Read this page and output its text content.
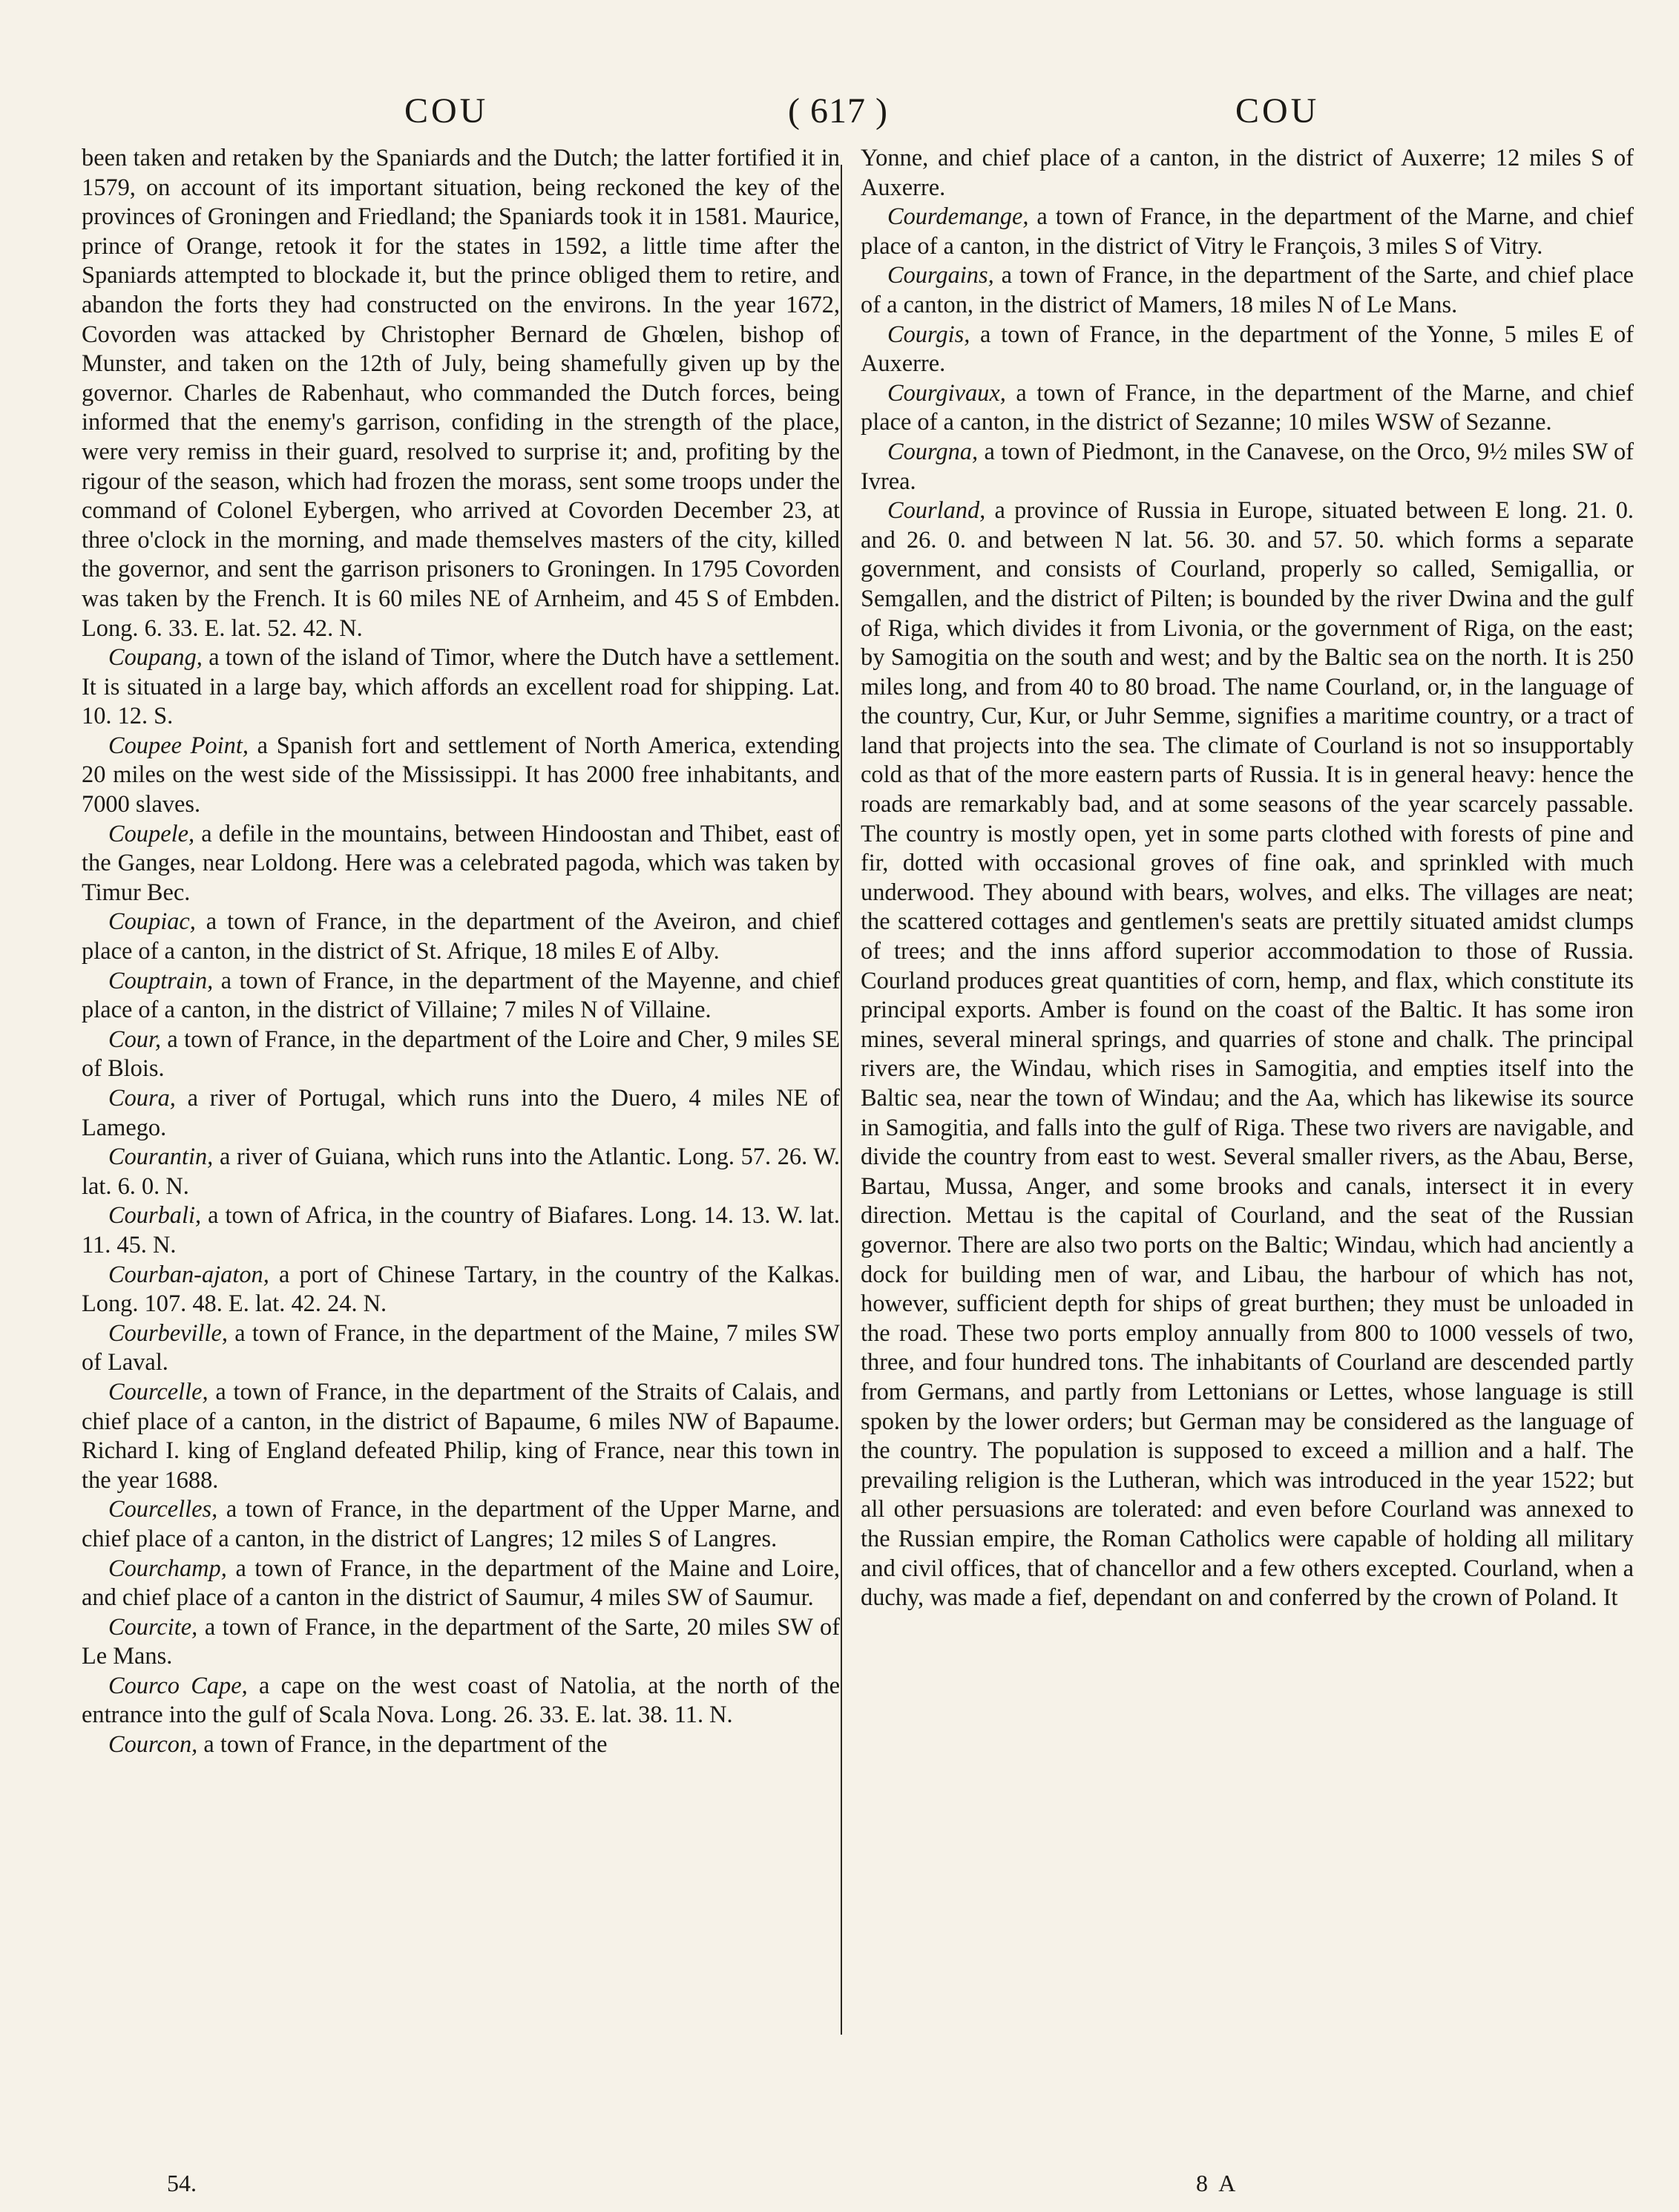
COU	( 617 )	COU

been taken and retaken by the Spaniards and the Dutch; the latter fortified it in 1579, on account of its important situation, being reckoned the key of the provinces of Groningen and Friedland; the Spaniards took it in 1581. Maurice, prince of Orange, retook it for the states in 1592, a little time after the Spaniards attempted to blockade it, but the prince obliged them to retire, and abandon the forts they had constructed on the environs. In the year 1672, Covorden was attacked by Christopher Bernard de Ghœlen, bishop of Munster, and taken on the 12th of July, being shamefully given up by the governor. Charles de Rabenhaut, who commanded the Dutch forces, being informed that the enemy's garrison, confiding in the strength of the place, were very remiss in their guard, resolved to surprise it; and, profiting by the rigour of the season, which had frozen the morass, sent some troops under the command of Colonel Eybergen, who arrived at Covorden December 23, at three o'clock in the morning, and made themselves masters of the city, killed the governor, and sent the garrison prisoners to Groningen. In 1795 Covorden was taken by the French. It is 60 miles NE of Arnheim, and 45 S of Embden. Long. 6. 33. E. lat. 52. 42. N.

Coupang, a town of the island of Timor, where the Dutch have a settlement. It is situated in a large bay, which affords an excellent road for shipping. Lat. 10. 12. S.

Coupee Point, a Spanish fort and settlement of North America, extending 20 miles on the west side of the Mississippi. It has 2000 free inhabitants, and 7000 slaves.

Coupele, a defile in the mountains, between Hindoostan and Thibet, east of the Ganges, near Loldong. Here was a celebrated pagoda, which was taken by Timur Bec.

Coupiac, a town of France, in the department of the Aveiron, and chief place of a canton, in the district of St. Afrique, 18 miles E of Alby.

Couptrain, a town of France, in the department of the Mayenne, and chief place of a canton, in the district of Villaine; 7 miles N of Villaine.

Cour, a town of France, in the department of the Loire and Cher, 9 miles SE of Blois.

Coura, a river of Portugal, which runs into the Duero, 4 miles NE of Lamego.

Courantin, a river of Guiana, which runs into the Atlantic. Long. 57. 26. W. lat. 6. 0. N.

Courbali, a town of Africa, in the country of Biafares. Long. 14. 13. W. lat. 11. 45. N.

Courban-ajaton, a port of Chinese Tartary, in the country of the Kalkas. Long. 107. 48. E. lat. 42. 24. N.

Courbeville, a town of France, in the department of the Maine, 7 miles SW of Laval.

Courcelle, a town of France, in the department of the Straits of Calais, and chief place of a canton, in the district of Bapaume, 6 miles NW of Bapaume. Richard I. king of England defeated Philip, king of France, near this town in the year 1688.

Courcelles, a town of France, in the department of the Upper Marne, and chief place of a canton, in the district of Langres; 12 miles S of Langres.

Courchamp, a town of France, in the department of the Maine and Loire, and chief place of a canton in the district of Saumur, 4 miles SW of Saumur.

Courcite, a town of France, in the department of the Sarte, 20 miles SW of Le Mans.

Courco Cape, a cape on the west coast of Natolia, at the north of the entrance into the gulf of Scala Nova. Long. 26. 33. E. lat. 38. 11. N.

Courcon, a town of France, in the department of the

Yonne, and chief place of a canton, in the district of Auxerre; 12 miles S of Auxerre.

Courdemange, a town of France, in the department of the Marne, and chief place of a canton, in the district of Vitry le François, 3 miles S of Vitry.

Courgains, a town of France, in the department of the Sarte, and chief place of a canton, in the district of Mamers, 18 miles N of Le Mans.

Courgis, a town of France, in the department of the Yonne, 5 miles E of Auxerre.

Courgivaux, a town of France, in the department of the Marne, and chief place of a canton, in the district of Sezanne; 10 miles WSW of Sezanne.

Courgna, a town of Piedmont, in the Canavese, on the Orco, 9½ miles SW of Ivrea.

Courland, a province of Russia in Europe, situated between E long. 21. 0. and 26. 0. and between N lat. 56. 30. and 57. 50. which forms a separate government, and consists of Courland, properly so called, Semigallia, or Semgallen, and the district of Pilten; is bounded by the river Dwina and the gulf of Riga, which divides it from Livonia, or the government of Riga, on the east; by Samogitia on the south and west; and by the Baltic sea on the north. It is 250 miles long, and from 40 to 80 broad. The name Courland, or, in the language of the country, Cur, Kur, or Juhr Semme, signifies a maritime country, or a tract of land that projects into the sea. The climate of Courland is not so insupportably cold as that of the more eastern parts of Russia. It is in general heavy: hence the roads are remarkably bad, and at some seasons of the year scarcely passable. The country is mostly open, yet in some parts clothed with forests of pine and fir, dotted with occasional groves of fine oak, and sprinkled with much underwood. They abound with bears, wolves, and elks. The villages are neat; the scattered cottages and gentlemen's seats are prettily situated amidst clumps of trees; and the inns afford superior accommodation to those of Russia. Courland produces great quantities of corn, hemp, and flax, which constitute its principal exports. Amber is found on the coast of the Baltic. It has some iron mines, several mineral springs, and quarries of stone and chalk. The principal rivers are, the Windau, which rises in Samogitia, and empties itself into the Baltic sea, near the town of Windau; and the Aa, which has likewise its source in Samogitia, and falls into the gulf of Riga. These two rivers are navigable, and divide the country from east to west. Several smaller rivers, as the Abau, Berse, Bartau, Mussa, Anger, and some brooks and canals, intersect it in every direction. Mettau is the capital of Courland, and the seat of the Russian governor. There are also two ports on the Baltic; Windau, which had anciently a dock for building men of war, and Libau, the harbour of which has not, however, sufficient depth for ships of great burthen; they must be unloaded in the road. These two ports employ annually from 800 to 1000 vessels of two, three, and four hundred tons. The inhabitants of Courland are descended partly from Germans, and partly from Lettonians or Lettes, whose language is still spoken by the lower orders; but German may be considered as the language of the country. The population is supposed to exceed a million and a half. The prevailing religion is the Lutheran, which was introduced in the year 1522; but all other persuasions are tolerated: and even before Courland was annexed to the Russian empire, the Roman Catholics were capable of holding all military and civil offices, that of chancellor and a few others excepted. Courland, when a duchy, was made a fief, dependant on and conferred by the crown of Poland. It

54.	8 A
